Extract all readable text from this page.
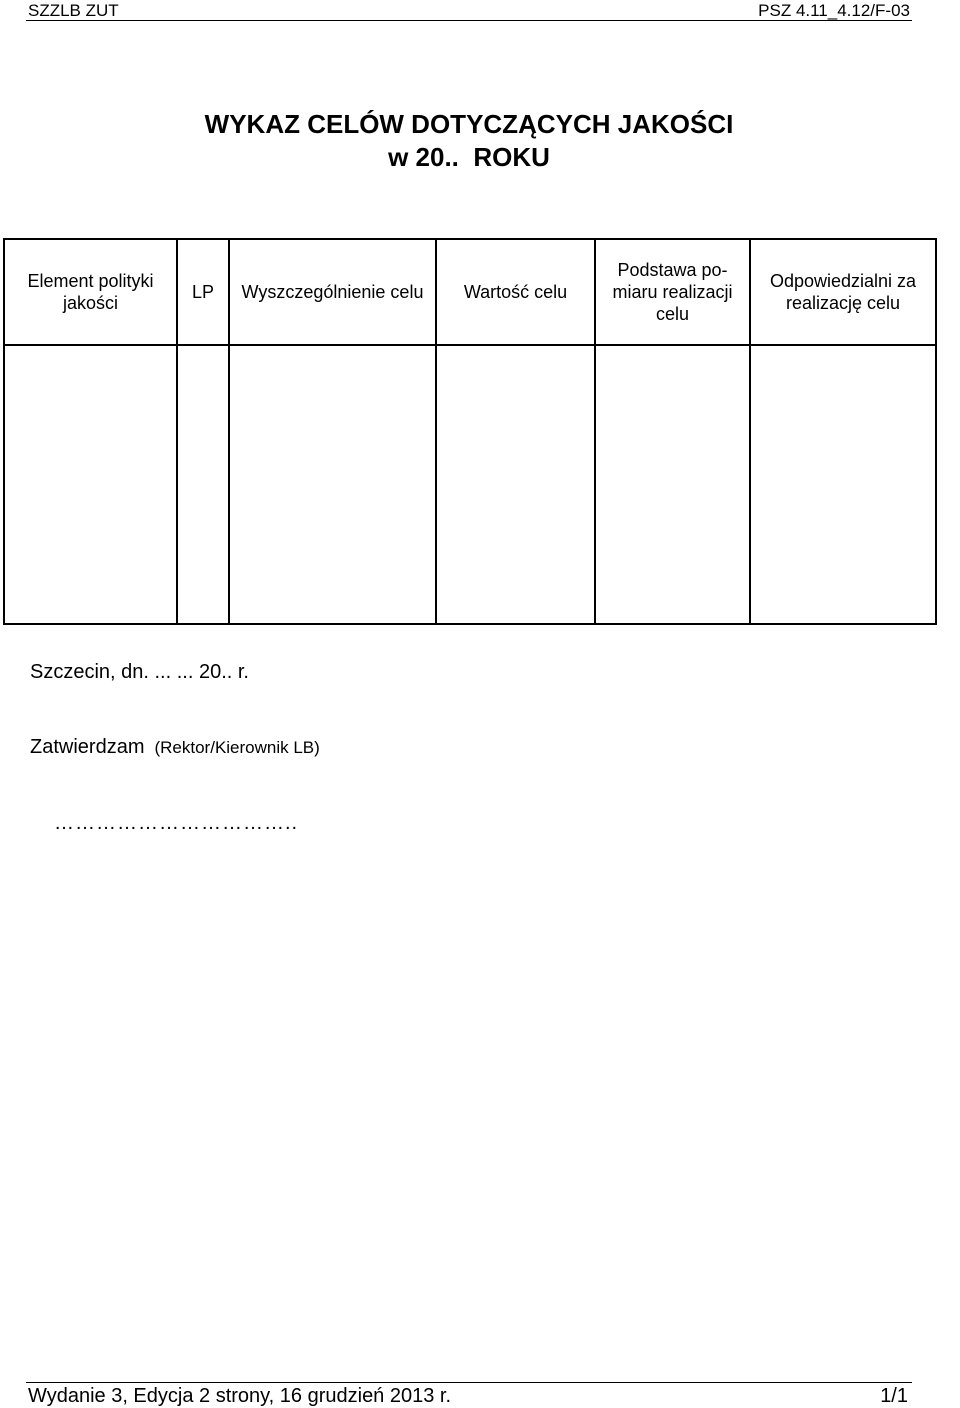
SZZLB ZUT	PSZ 4.11_4.12/F-03
WYKAZ CELÓW DOTYCZĄCYCH JAKOŚCI
w 20..  ROKU
Element polityki jakości	LP	Wyszczególnienie celu	Wartość celu	Podstawa po-miaru realizacji celu	Odpowiedzialni za realizację celu

Szczecin, dn. ... ... 20.. r.
Zatwierdzam (Rektor/Kierownik LB)
……………………………..
Wydanie 3, Edycja 2 strony, 16 grudzień 2013 r.	1/1
